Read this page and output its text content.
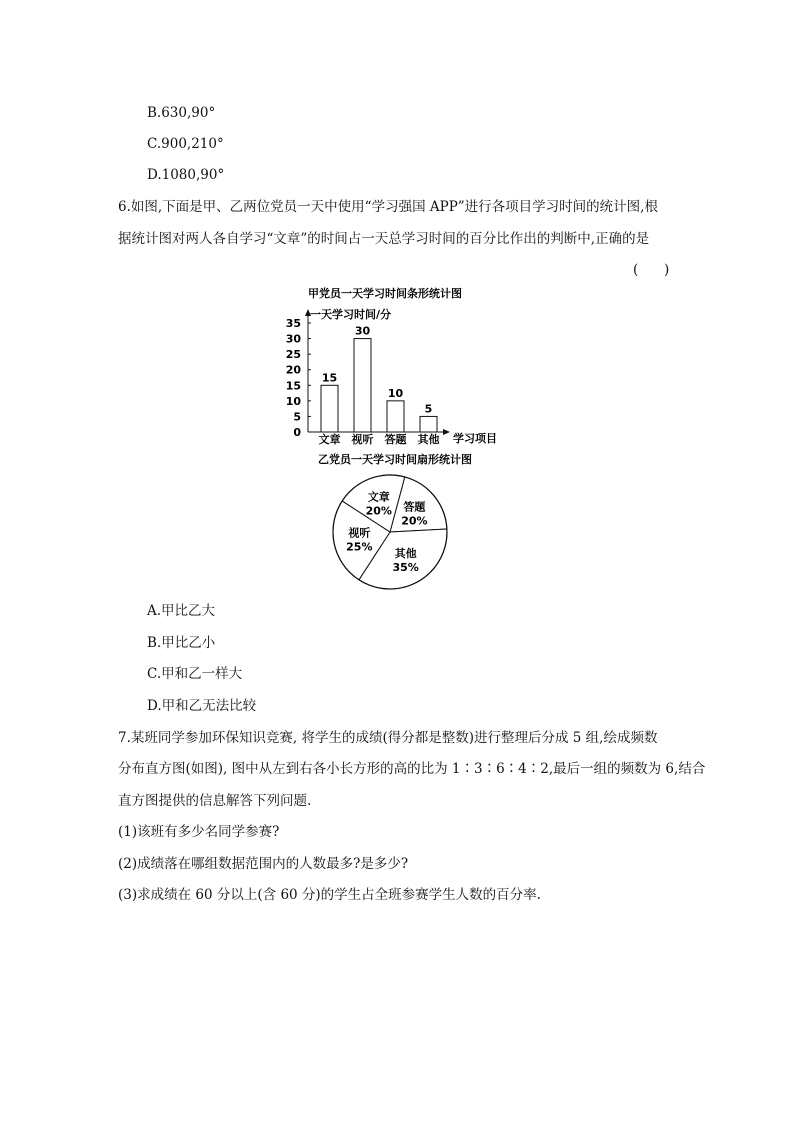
B.630,90°
C.900,210°
D.1080,90°
6.如图,下面是甲、乙两位党员一天中使用“学习强国 APP”进行各项目学习时间的统计图,根
据统计图对两人各自学习“文章”的时间占一天总学习时间的百分比作出的判断中,正确的是
(      )
甲党员一天学习时间条形统计图
一天学习时间/分
学习项目
0
5
10
15
20
25
30
35
15
文章
30
视听
10
答题
5
其他
乙党员一天学习时间扇形统计图
答题
20%
其他
35%
视听
25%
文章
20%
A.甲比乙大
B.甲比乙小
C.甲和乙一样大
D.甲和乙无法比较
7.某班同学参加环保知识竞赛, 将学生的成绩(得分都是整数)进行整理后分成 5 组,绘成频数
分布直方图(如图), 图中从左到右各小长方形的高的比为 1∶3∶6∶4∶2,最后一组的频数为 6,结合
直方图提供的信息解答下列问题.
(1)该班有多少名同学参赛?
(2)成绩落在哪组数据范围内的人数最多?是多少?
(3)求成绩在 60 分以上(含 60 分)的学生占全班参赛学生人数的百分率.
